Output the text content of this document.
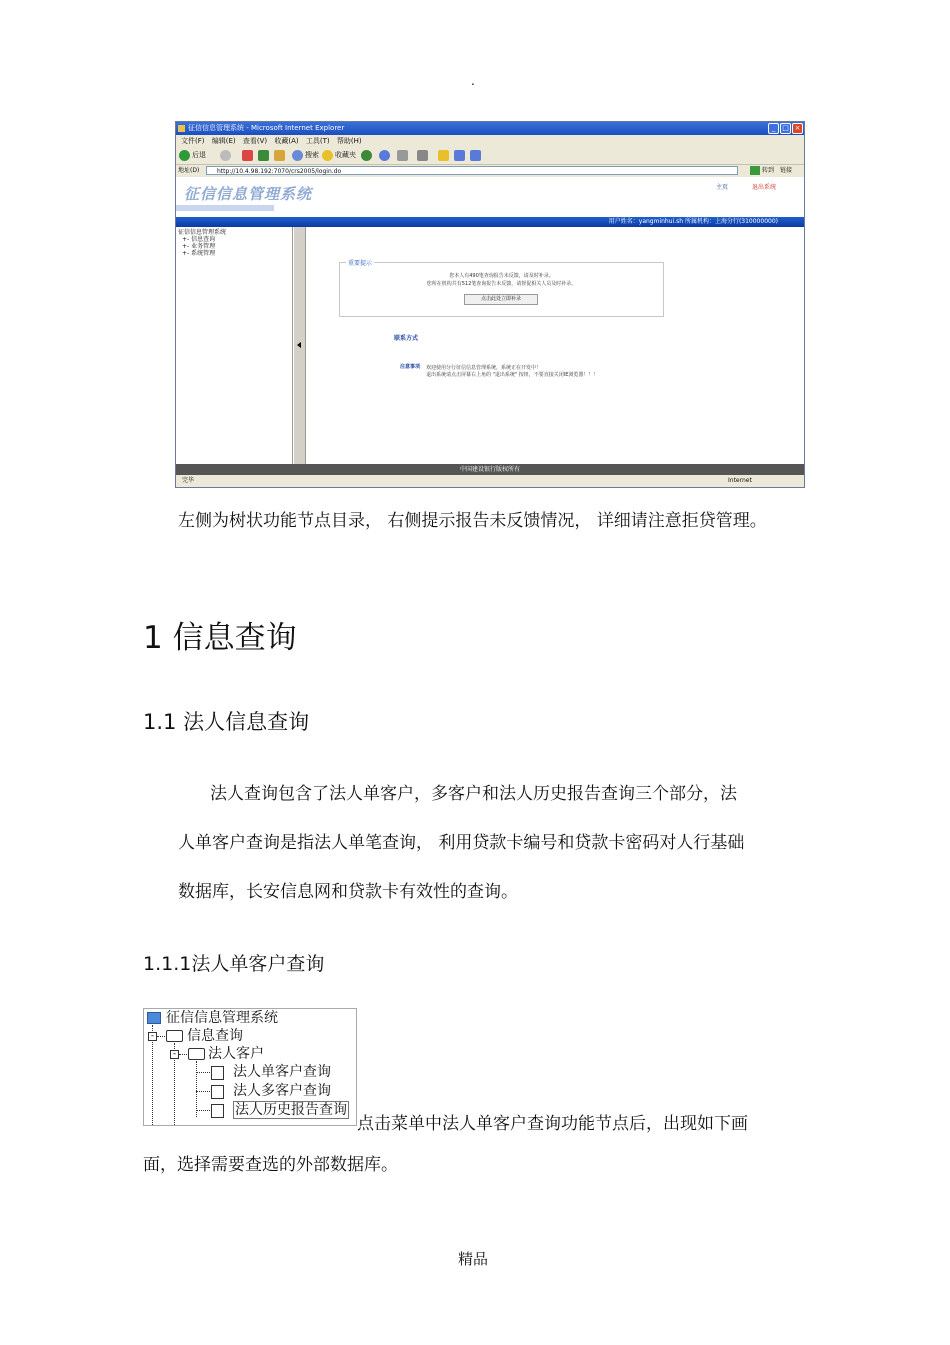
.
征信信息管理系统 - Microsoft Internet Explorer	_ □ ×
文件(F) 编辑(E) 查看(V) 收藏(A) 工具(T) 帮助(H)
后退	搜索 收藏夹
地址(D)	http://10.4.98.192:7070/crs2005/login.do	转到 链接
征信信息管理系统	主页	退出系统
用户姓名：yangminhui.sh 所属机构：上海分行(310000000)
征信信息管理系统
+- 信息查询
+- 业务管理
+- 系统管理
重要提示
您本人有490笔查询报告未反馈，请及时补录。
您所在机构共有512笔查询报告未反馈，请督促相关人员及时补录。
点击此处立即补录
联系方式
注意事项 欢迎使用分行征信信息管理系统，系统正在开发中！
退出系统请点击屏幕右上角的 "退出系统" 按钮，不要直接关闭IE浏览器！！！
中国建设银行版权所有
完毕	Internet
左侧为树状功能节点目录， 右侧提示报告未反馈情况， 详细请注意拒贷管理。
1 信息查询
1.1 法人信息查询
法人查询包含了法人单客户，多客户和法人历史报告查询三个部分，法
人单客户查询是指法人单笔查询， 利用贷款卡编号和贷款卡密码对人行基础
数据库，长安信息网和贷款卡有效性的查询。
1.1.1法人单客户查询
征信信息管理系统
- 信息查询
- 法人客户
法人单客户查询
法人多客户查询
法人历史报告查询
点击菜单中法人单客户查询功能节点后，出现如下画
面，选择需要查选的外部数据库。
精品
